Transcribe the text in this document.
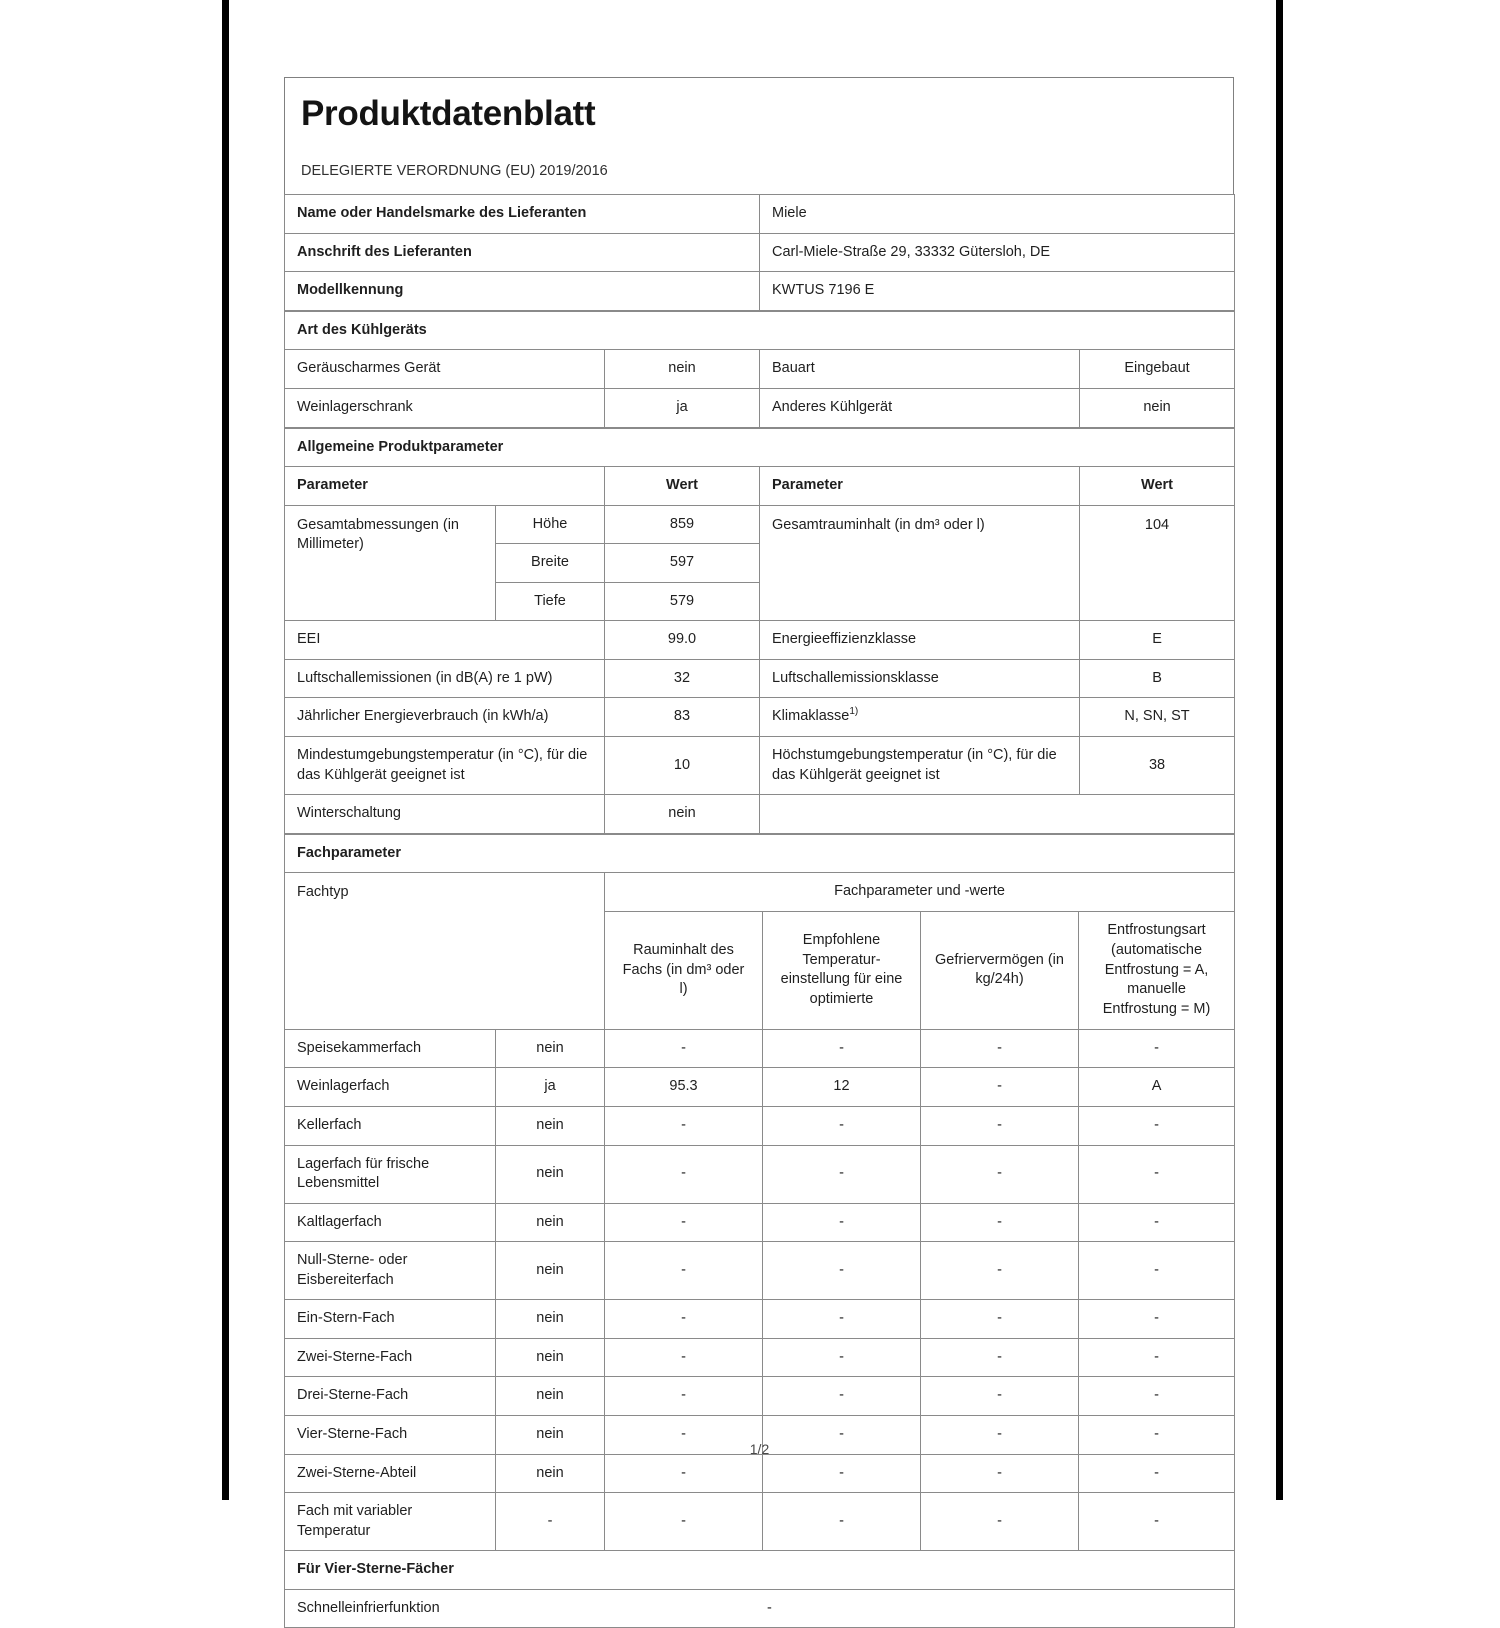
Produktdatenblatt
DELEGIERTE VERORDNUNG (EU) 2019/2016
Name oder Handelsmarke des Lieferanten	Miele
Anschrift des Lieferanten	Carl-Miele-Straße 29, 33332 Gütersloh, DE
Modellkennung	KWTUS 7196 E
Art des Kühlgeräts			
Geräuscharmes Gerät	nein	Bauart	Eingebaut
Weinlagerschrank	ja	Anderes Kühlgerät	nein
Allgemeine Produktparameter				
Parameter		Wert	Parameter	Wert
Gesamtabmessungen (in Millimeter)	Höhe	859	Gesamtrauminhalt (in dm³ oder l)	104
	Breite	597		
	Tiefe	579		
EEI		99.0	Energieeffizienzklasse	E
Luftschallemissionen (in dB(A) re 1 pW)		32	Luftschallemissionsklasse	B
Jährlicher Energieverbrauch (in kWh/a)		83	Klimaklasse$^{1)}$	N, SN, ST
Mindestumgebungstemperatur (in °C), für die das Kühlgerät geeignet ist		10	Höchstumgebungstemperatur (in °C), für die das Kühlgerät geeignet ist	38
Winterschaltung		nein		
Fachparameter					
Fachtyp		Fachparameter und -werte			
		Rauminhalt des Fachs (in dm³ oder l)	Empfohlene Temperatur-einstellung für eine optimierte	Gefriervermögen (in kg/24h)	Entfrostungsart (automatische Entfrostung = A, manuelle Entfrostung = M)
Speisekammerfach	nein	-	-	-	-
Weinlagerfach	ja	95.3	12	-	A
Kellerfach	nein	-	-	-	-
Lagerfach für frische Lebensmittel	nein	-	-	-	-
Kaltlagerfach	nein	-	-	-	-
Null-Sterne- oder Eisbereiterfach	nein	-	-	-	-
Ein-Stern-Fach	nein	-	-	-	-
Zwei-Sterne-Fach	nein	-	-	-	-
Drei-Sterne-Fach	nein	-	-	-	-
Vier-Sterne-Fach	nein	-	-	-	-
Zwei-Sterne-Abteil	nein	-	-	-	-
Fach mit variabler Temperatur	-	-	-	-	-
Für Vier-Sterne-Fächer					

Schnelleinfrierfunktion -					
1/2
